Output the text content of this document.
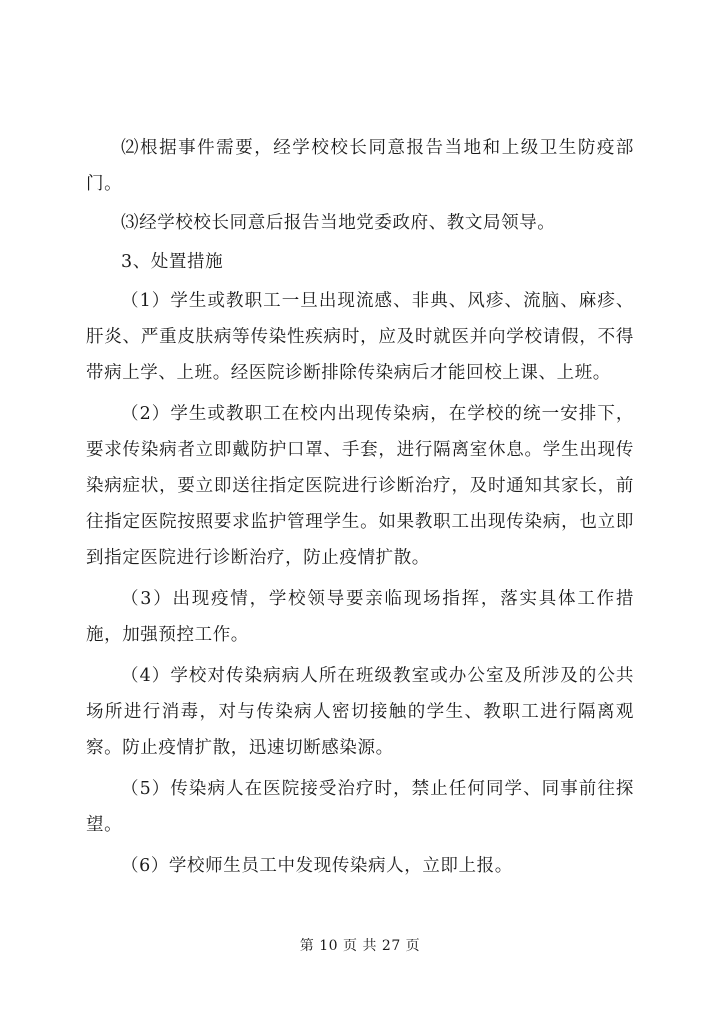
⑵根据事件需要，经学校校长同意报告当地和上级卫生防疫部门。

⑶经学校校长同意后报告当地党委政府、教文局领导。

3、处置措施

（1）学生或教职工一旦出现流感、非典、风疹、流脑、麻疹、肝炎、严重皮肤病等传染性疾病时，应及时就医并向学校请假，不得带病上学、上班。经医院诊断排除传染病后才能回校上课、上班。

（2）学生或教职工在校内出现传染病，在学校的统一安排下，要求传染病者立即戴防护口罩、手套，进行隔离室休息。学生出现传染病症状，要立即送往指定医院进行诊断治疗，及时通知其家长，前往指定医院按照要求监护管理学生。如果教职工出现传染病，也立即到指定医院进行诊断治疗，防止疫情扩散。

（3）出现疫情，学校领导要亲临现场指挥，落实具体工作措施，加强预控工作。

（4）学校对传染病病人所在班级教室或办公室及所涉及的公共场所进行消毒，对与传染病人密切接触的学生、教职工进行隔离观察。防止疫情扩散，迅速切断感染源。

（5）传染病人在医院接受治疗时，禁止任何同学、同事前往探望。

（6）学校师生员工中发现传染病人，立即上报。

第 10 页 共 27 页
